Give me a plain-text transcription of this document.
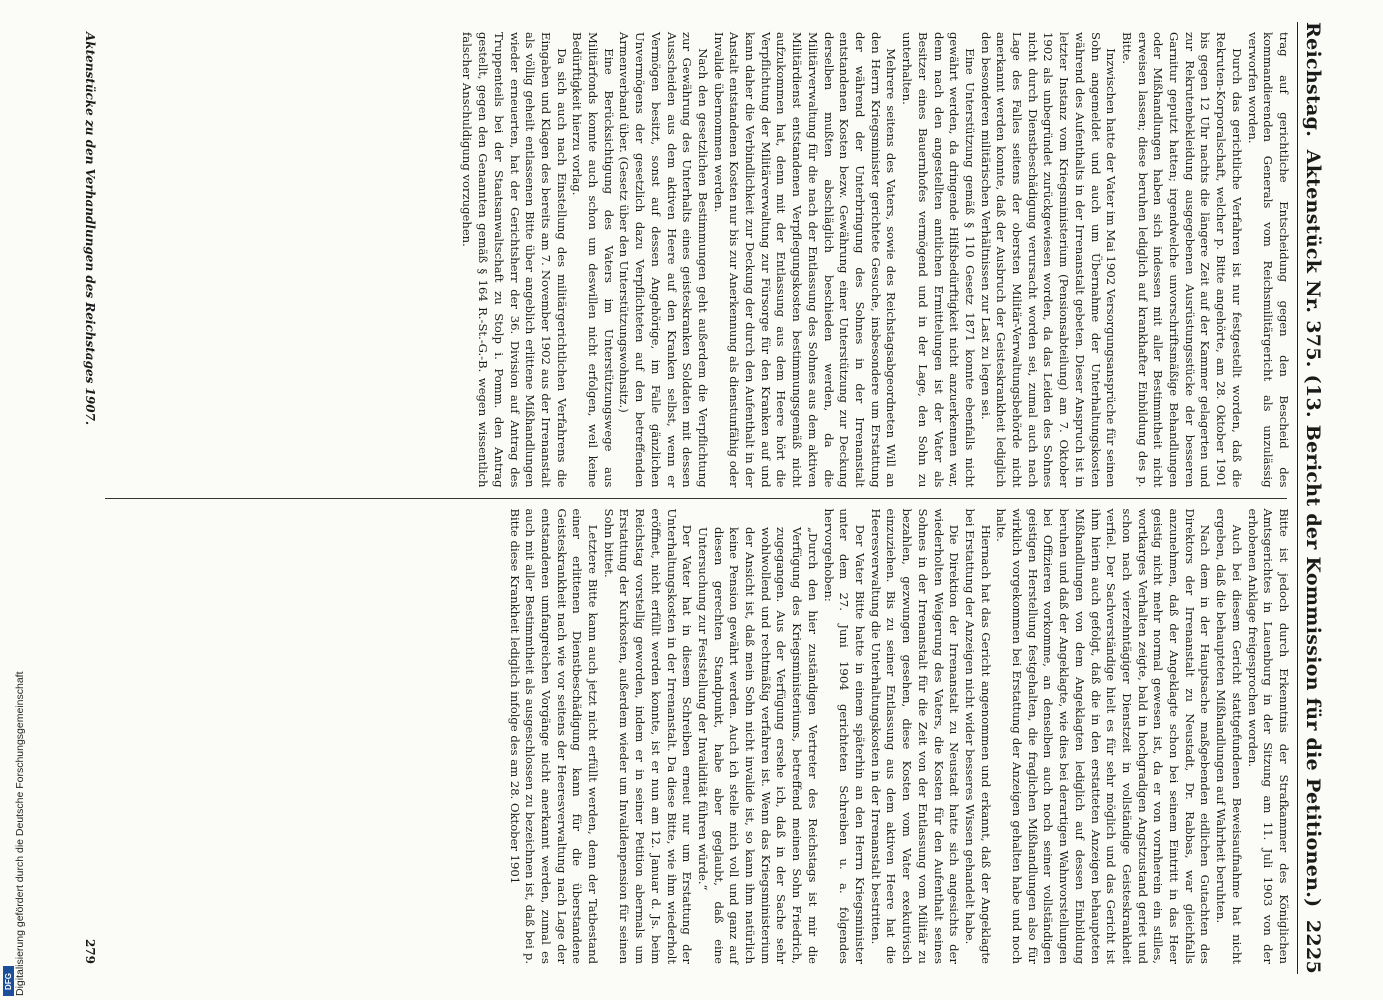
Reichstag.
Aktenstück Nr. 375. (13. Bericht der Kommission für die Petitionen.)
2225

trag auf gerichtliche Entscheidung gegen den Bescheid des kommandierenden Generals vom Reichsmilitärgericht als unzulässig verworfen worden.

Durch das gerichtliche Verfahren ist nur festgestellt worden, daß die Rekruten-Korporalschaft, welcher p. Bitte angehörte, am 28. Oktober 1901 bis gegen 12 Uhr nachts die längere Zeit auf der Kammer gelagerten und zur Rekrutenbekleidung ausgegebenen Ausrüstungsstücke der besseren Garnitur geputzt hatten; irgendwelche unvorschriftsmäßige Behandlungen oder Mißhandlungen haben sich indessen mit aller Bestimmtheit nicht erweisen lassen; diese beruhen lediglich auf krankhafter Einbildung des p. Bitte.

Inzwischen hatte der Vater im Mai 1902 Versorgungsansprüche für seinen Sohn angemeldet und auch um Übernahme der Unterhaltungskosten während des Aufenthalts in der Irrenanstalt gebeten. Dieser Anspruch ist in letzter Instanz vom Kriegsministerium (Pensionsabteilung) am 7. Oktober 1902 als unbegründet zurückgewiesen worden, da das Leiden des Sohnes nicht durch Dienstbeschädigung verursacht worden sei, zumal auch nach Lage des Falles seitens der obersten Militär-Verwaltungsbehörde nicht anerkannt werden konnte, daß der Ausbruch der Geisteskrankheit lediglich den besonderen militärischen Verhältnissen zur Last zu legen sei.

Eine Unterstützung gemäß § 110 Gesetz 1871 konnte ebenfalls nicht gewährt werden, da dringende Hilfsbedürftigkeit nicht anzuerkennen war, denn nach den angestellten amtlichen Ermittelungen ist der Vater als Besitzer eines Bauernhofes vermögend und in der Lage, den Sohn zu unterhalten.

Mehrere seitens des Vaters, sowie des Reichstagsabgeordneten Will an den Herrn Kriegsminister gerichtete Gesuche, insbesondere um Erstattung der während der Unterbringung des Sohnes in der Irrenanstalt entstandenen Kosten bezw. Gewährung einer Unterstützung zur Deckung derselben mußten abschläglich beschieden werden, da die Militärverwaltung für die nach der Entlassung des Sohnes aus dem aktiven Militärdienst entstandenen Verpflegungskosten bestimmungsgemäß nicht aufzukommen hat, denn mit der Entlassung aus dem Heere hört die Verpflichtung der Militärverwaltung zur Fürsorge für den Kranken auf und kann daher die Verbindlichkeit zur Deckung der durch den Aufenthalt in der Anstalt entstandenen Kosten nur bis zur Anerkennung als dienstunfähig oder Invalide übernommen werden.

Nach den gesetzlichen Bestimmungen geht außerdem die Verpflichtung zur Gewährung des Unterhalts eines geisteskranken Soldaten mit dessen Ausscheiden aus dem aktiven Heere auf den Kranken selbst, wenn er Vermögen besitzt, sonst auf dessen Angehörige, im Falle gänzlichen Unvermögens der gesetzlich dazu Verpflichteten auf den betreffenden Armenverband über. (Gesetz über den Unterstützungswohnsitz.)

Eine Berücksichtigung des Vaters im Unterstützungswege aus Militärfonds konnte auch schon um deswillen nicht erfolgen, weil keine Bedürftigkeit hierzu vorlag.

Da sich auch nach Einstellung des militärgerichtlichen Verfahrens die Eingaben und Klagen des bereits am 7. November 1902 aus der Irrenanstalt als völlig geheilt entlassenen Bitte über angeblich erlittene Mißhandlungen wieder erneuerten, hat der Gerichtsherr der 36. Division auf Antrag des Truppenteils bei der Staatsanwaltschaft zu Stolp i. Pomm. den Antrag gestellt, gegen den Genannten gemäß § 164 R.-St.-G.-B. wegen wissentlich falscher Anschuldigung vorzugehen.

Bitte ist jedoch durch Erkenntnis der Strafkammer des Königlichen Amtsgerichtes in Lauenburg in der Sitzung am 11. Juli 1903 von der erhobenen Anklage freigesprochen worden.

Auch bei diesem Gericht stattgefundenen Beweisaufnahme hat nicht ergeben, daß die behaupteten Mißhandlungen auf Wahrheit beruhten.

Nach dem in der Hauptsache maßgebenden eidlichen Gutachten des Direktors der Irrenanstalt zu Neustadt, Dr. Rabbas, war gleichfalls anzunehmen, daß der Angeklagte schon bei seinem Eintritt in das Heer geistig nicht mehr normal gewesen ist, da er von vornherein ein stilles, wortkarges Verhalten zeigte, bald in hochgradigen Angstzustand geriet und schon nach vierzehntägiger Dienstzeit in vollständige Geisteskrankheit verfiel. Der Sachverständige hielt es für sehr möglich und das Gericht ist ihm hierin auch gefolgt, daß die in den erstatteten Anzeigen behaupteten Mißhandlungen von dem Angeklagten lediglich auf dessen Einbildung beruhen und daß der Angeklagte, wie dies bei derartigen Wahnvorstellungen bei Offizieren vorkomme, an denselben auch noch seiner vollständigen geistigen Herstellung festgehalten, die fraglichen Mißhandlungen also für wirklich vorgekommen bei Erstattung der Anzeigen gehalten habe und noch halte.

Hiernach hat das Gericht angenommen und erkannt, daß der Angeklagte bei Erstattung der Anzeigen nicht wider besseres Wissen gehandelt habe.

Die Direktion der Irrenanstalt zu Neustadt hatte sich angesichts der wiederholten Weigerung des Vaters, die Kosten für den Aufenthalt seines Sohnes in der Irrenanstalt für die Zeit von der Entlassung vom Militär zu bezahlen, gezwungen gesehen, diese Kosten vom Vater exekutivisch einzuziehen. Bis zu seiner Entlassung aus dem aktiven Heere hat die Heeresverwaltung die Unterhaltungskosten in der Irrenanstalt bestritten.

Der Vater Bitte hatte in einem späterhin an den Herrn Kriegsminister unter dem 27. Juni 1904 gerichteten Schreiben u. a. folgendes hervorgehoben:

„Durch den hier zuständigen Vertreter des Reichstags ist mir die Verfügung des Kriegsministeriums, betreffend meinen Sohn Friedrich, zugegangen. Aus der Verfügung ersehe ich, daß in der Sache sehr wohlwollend und rechtmäßig verfahren ist. Wenn das Kriegsministerium der Ansicht ist, daß mein Sohn nicht invalide ist, so kann ihm natürlich keine Pension gewährt werden. Auch ich stelle mich voll und ganz auf diesen gerechten Standpunkt, habe aber geglaubt, daß eine Untersuchung zur Feststellung der Invalidität führen würde.“

Der Vater hat in diesem Schreiben erneut nur um Erstattung der Unterhaltungskosten in der Irrenanstalt. Da diese Bitte, wie ihm wiederholt eröffnet, nicht erfüllt werden konnte, ist er nun am 12. Januar d. Js. beim Reichstag vorstellig geworden, indem er in seiner Petition abermals um Erstattung der Kurkosten, außerdem wieder um Invalidenpension für seinen Sohn bittet.

Letztere Bitte kann auch jetzt nicht erfüllt werden, denn der Tatbestand einer erlittenen Dienstbeschädigung kann für die überstandene Geisteskrankheit nach wie vor seitens der Heeresverwaltung nach Lage der entstandenen umfangreichen Vorgänge nicht anerkannt werden, zumal es auch mit aller Bestimmtheit als ausgeschlossen zu bezeichnen ist, daß bei p. Bitte diese Krankheit lediglich infolge des am 28. Oktober 1901

Aktenstücke zu den Verhandlungen des Reichstages 1907.
279
Digitalisierung gefördert durch die Deutsche Forschungsgemeinschaft
DFG
